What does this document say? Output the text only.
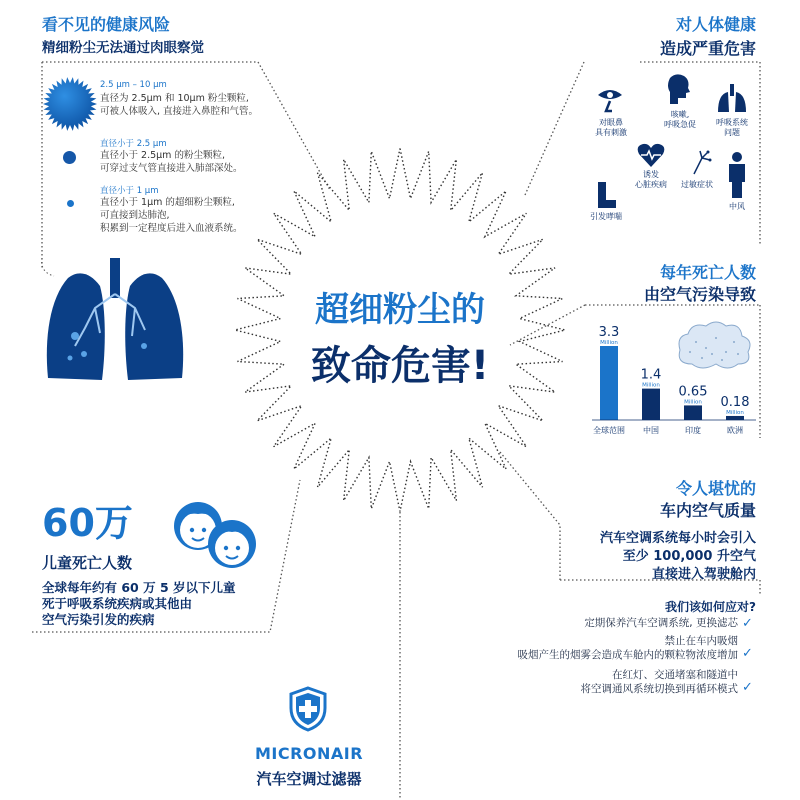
看不见的健康风险
精细粉尘无法通过肉眼察觉
2.5 μm – 10 μm
直径为 2.5μm 和 10μm 粉尘颗粒,
可被人体吸入, 直接进入鼻腔和气管。
直径小于 2.5 μm
直径小于 2.5μm 的粉尘颗粒,
可穿过支气管直接进入肺部深处。
直径小于 1 μm
直径小于 1μm 的超细粉尘颗粒,
可直接到达肺泡,
积累到一定程度后进入血液系统。
超细粉尘的
致命危害!
对人体健康
造成严重危害
对眼鼻
具有刺激
咳嗽,
呼吸急促	呼吸系统
问题
诱发
心脏疾病	过敏症状
引发哮喘
中风
每年死亡人数
由空气污染导致
3.3
Million
全球范围
1.4
Million
中国
0.65
Million
印度
0.18
Million
欧洲
令人堪忧的
车内空气质量
汽车空调系统每小时会引入
至少 100,000 升空气
直接进入驾驶舱内
我们该如何应对?
定期保养汽车空调系统, 更换滤芯 ✓
禁止在车内吸烟
吸烟产生的烟雾会造成车舱内的颗粒物浓度增加 ✓
在红灯、交通堵塞和隧道中
将空调通风系统切换到再循环模式 ✓
60万
儿童死亡人数
全球每年约有 60 万 5 岁以下儿童
死于呼吸系统疾病或其他由
空气污染引发的疾病
MICRONAIR
汽车空调过滤器
